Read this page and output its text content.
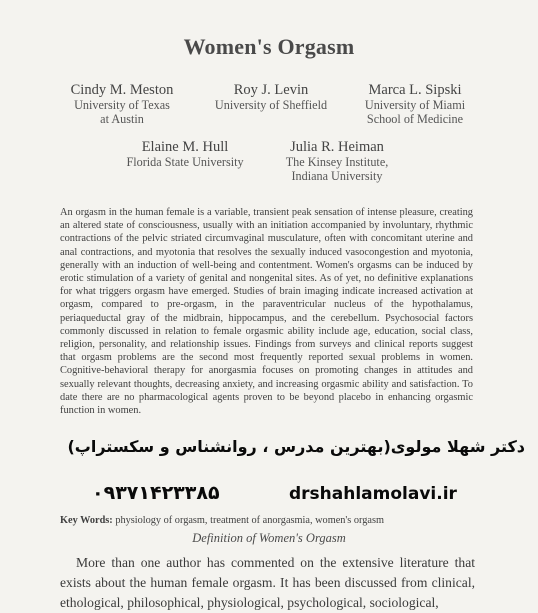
Women's Orgasm
Cindy M. Meston
University of Texas
at Austin
Roy J. Levin
University of Sheffield
Marca L. Sipski
University of Miami
School of Medicine
Elaine M. Hull
Florida State University
Julia R. Heiman
The Kinsey Institute,
Indiana University

An orgasm in the human female is a variable, transient peak sensation of intense pleasure, creating an altered state of consciousness, usually with an initiation accompanied by involuntary, rhythmic contractions of the pelvic striated circumvaginal musculature, often with concomitant uterine and anal contractions, and myotonia that resolves the sexually induced vasocongestion and myotonia, generally with an induction of well-being and contentment. Women's orgasms can be induced by erotic stimulation of a variety of genital and nongenital sites. As of yet, no definitive explanations for what triggers orgasm have emerged. Studies of brain imaging indicate increased activation at orgasm, compared to pre-orgasm, in the paraventricular nucleus of the hypothalamus, periaqueductal gray of the midbrain, hippocampus, and the cerebellum. Psychosocial factors commonly discussed in relation to female orgasmic ability include age, education, social class, religion, personality, and relationship issues. Findings from surveys and clinical reports suggest that orgasm problems are the second most frequently reported sexual problems in women. Cognitive-behavioral therapy for anorgasmia focuses on promoting changes in attitudes and sexually relevant thoughts, decreasing anxiety, and increasing orgasmic ability and satisfaction. To date there are no pharmacological agents proven to be beyond placebo in enhancing orgasmic function in women.

Key Words: physiology of orgasm, treatment of anorgasmia, women's orgasm
Definition of Women's Orgasm

More than one author has commented on the extensive literature that exists about the human female orgasm. It has been discussed from clinical, ethological, philosophical, physiological, psychological, sociological,

دکتر شهلا مولوی(بهترین مدرس ، روانشناس و سکستراپ)
۰۹۳۷۱۴۲۳۳۸۵	drshahlamolavi.ir
